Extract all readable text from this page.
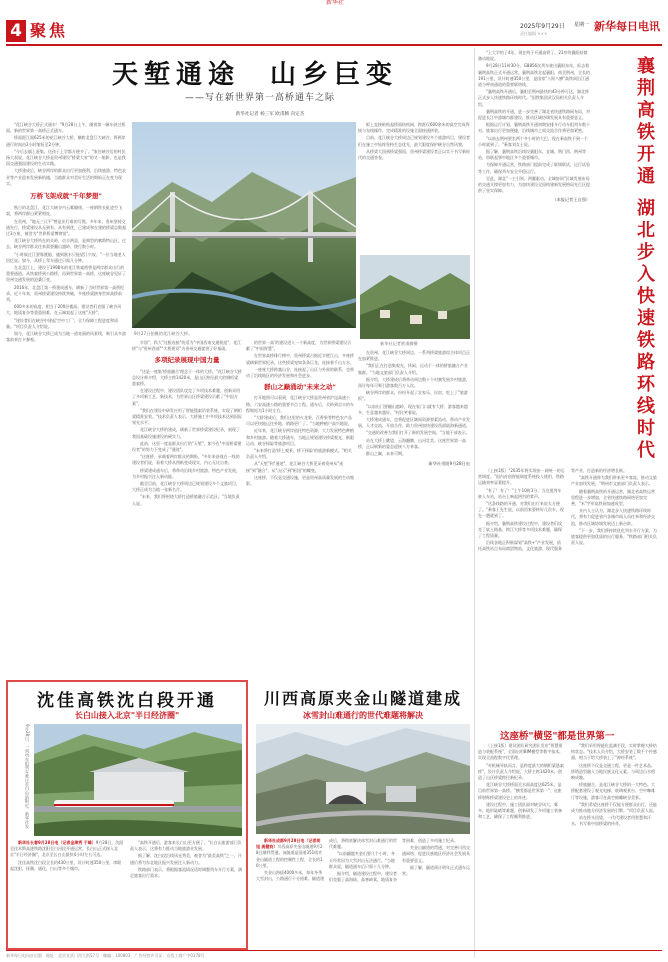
新华社
4 聚焦	2025年9月29日 星期一
责任编辑 ×××
新华每日电讯
天堑通途  山乡巨变
——写在新世界第一高桥通车之际
新华社记者 杨三军 欧甫腾 向定杰

"花江峡谷大桥正式通车！"9月28日上午，随着第一辆车驶过桥面，新的世界第一高桥正式通车。

桥面距江面625米的花江峡谷大桥，横跨北盘江大峡谷，将两岸通行时间由2小时缩短至2分钟。

"今后去镇上赶集、送孩子上学都方便多了。"家住峡谷边的村民杨大叔说。花江峡谷大桥是贵州建设"桥梁大省"的又一缩影，也是我国交通强国建设的生动实践。

大桥建成后，峡谷两岸的群众出行更加便利，沿线旅游、特色农业等产业迎来发展新机遇，当地群众对美好生活的期盼正在变为现实。

万桥飞架成就"千年梦想"

秋日的北盘江，花江大峡谷内云雾缭绕。一座钢铁长虹凌空飞架，将两岸群山紧紧相连。

在贵州，"地无三尺平"曾是出行难的写照。多年来，贵州坚持交通先行，桥梁建设从无到有、从有到优，已建成和在建的桥梁总数超过3万座，被誉为"世界桥梁博物馆"。

花江峡谷大桥所在的关岭、贞丰两县，是典型的喀斯特山区。过去，峡谷两岸群众往来需要翻山越岭、绕行数小时。

"小时候过江要靠渡船，遇到涨水只能望江兴叹。"一位当地老人回忆说。如今，从桥上驾车通过只需几分钟。

在北盘江上，建设于1998年的花江铁索桥曾是两岸群众出行的重要通道。从铁索桥到公路桥，再到世界第一高桥，这座峡谷见证了贵州交通发展的沧桑巨变。

2016年，北盘江第一桥建成通车，刷新了当时世界第一高桥纪录。近十年来，贵州桥梁建设持续突破，多座桥梁跻身世界高桥前列。

600多米的高度，相当于200层楼高。建设者们克服了峡谷风大、地质复杂等重重困难，在云端架起了这座"天桥"。

"建设者们在峡谷中建起'空中工厂'，全力保障工程进度和质量。"项目负责人介绍说。

如今，花江峡谷大桥已成为当地一道亮丽的风景线，吸引众多游客前来打卡参观。

牢固"，科大"这根连接"的适为"中国西南交通枢纽"，花江桥"与"贵州西部""大桥建设"为贵州交通提供了好基础。

多项纪录展现中国力量

"这是一座集'桥旅融合'理念于一体的大桥。"花江峡谷大桥总设计师介绍，大桥主跨1420米，是山区跨径最大的钢桁梁悬索桥。

在建设过程中，建设团队攻克了多项技术难题，创新采用了多项新工艺、新技术，为世界山区桥梁建设贡献了"中国方案"。

"我们在建设中研发应用了智能缆索吊装系统，实现了钢桁梁精准安装。"技术负责人表示，大桥施工中多项技术达到国际领先水平。

花江峡谷大桥的建成，刷新了世界桥梁建设纪录，展现了我国基础设施建设的硬实力。

此前，这里一度是群众出行的"天堑"，如今在"中国桥梁建设者"的努力下变成了"通途"。

"这座桥，承载着两岸群众的期盼。"多年来奋战在一线的建设者们说，看着大桥从图纸变成现实，内心无比自豪。

桥梁建成通车后，将带动沿线乡村旅游、特色产业发展，为乡村振兴注入新动能。

截至目前，花江峡谷大桥周边已规划建设多个文旅项目，大桥正成为当地一张新名片。

"未来，我们将围绕大桥打造桥旅融合示范区。"当地负责人说。

的世界一高'的建设进入一个新高度，为世界桥梁建设贡献了"中国智慧"。

在世界高桥排行榜中，贵州桥梁占据近半壁江山，多座桥梁刷新世界纪录。这些桥梁宛如条条巨龙，连接着千山万水。

一座座大桥跨越山谷，连接起了山区与外界的联系，也带动了沿线地区的经济发展和社会进步。

群山之巅涌动"未来之动"

打开地图可以看到，花江峡谷大桥是贵州省沪昆高速公路、六安高速公路的重要节点工程。通车后，关岭到贞丰的车程缩短为1小时左右。

"大桥建成后，我们这里的火龙果、百香果等特色农产品可以更快地运往外地，销路更广了。"当地种植户高兴地说。

近年来，花江峡谷两岸依托特色资源，大力发展特色种植和乡村旅游。随着大桥通车，当地正规划建设桥梁观光、极限运动、峡谷探险等旅游项目。

"未来将打造'桥上观景、桥下探险'的旅游新模式。"相关负责人介绍。

从"天堑"到"通途"，花江峡谷大桥见证着贵州从"连接"到"融合"，从"山区"到"枢纽"的蝶变。

这座桥，不仅是交通设施，更是贵州高质量发展的生动缩影。

9月27日拍摄的花江峡谷大桥。
新华社记者欧甫腾摄

板上直接粘贴起桥面结构网，跨距仅600余米的高空完成焊接与布线操作，完成精准的设施全面接通拼装。

目前，花江峡谷大桥周边已规划建设多个旅游项目，建设者们在施工中始终坚持生态优先，最大限度保护峡谷自然风貌。

从桥梁大国到桥梁强国，贵州桥梁建设者正以实干书写新时代的交通答卷。

在贵州，花江峡谷大桥周边，一系列桥梁旅游综合体项目正在加紧推进。

"我们正在打造集观光、休闲、运动于一体的桥旅融合产业集群。"当地文旅部门负责人介绍。

据介绍，大桥建成后将带动周边数十个村寨发展乡村旅游，预计每年可吸引游客数百万人次。

峡谷两岸的群众，纷纷开起了农家乐、民宿，吃上了"旅游饭"。

"以前出门要翻山越岭，现在家门口就有大桥，游客越来越多，生意越来越好。"村民笑着说。

大桥建成通车，也将促进区域间资源要素流动，带动产业发展、人才交流、开放合作，助力贵州加快建设西部陆海新通道。

"交通的改善为我们打开了新的发展空间。"当地干部表示。

站在大桥上眺望，云海翻腾，山河壮美。这座世界第一高桥，正以崭新的姿态迎接八方来客。

群山之巅，未来可期。

新华社贵阳9月28日电
襄荆高铁开通 湖北步入快速铁路环线时代

"上大学的了4年，现在终于开通高铁了，23岁的襄阳姑娘激动地说。

9月28日11时30分，G8856次列车驶出襄阳东站，标志着襄荆高铁正式开通运营。襄荆高铁北起襄阳，南至荆州，全长约191公里，设计时速350公里，是国家"八纵八横"高铁网沿江通道与呼南通道的重要联络线。

"襄荆高铁开通后，襄阳至荆州最快约43分钟可达，湖北将正式步入快速铁路环线时代。"国铁集团武汉局相关负责人介绍。

襄荆高铁的开通，进一步完善了湖北省快速铁路网布局，对促进长江中游城市群建设、推动区域协调发展具有重要意义。

根据运行计划，襄荆高铁开通初期安排开行动车组列车数十对。旅客出行更加便捷，沿线城市之间交流合作将更加紧密。

"以前去荆州要坐两个多小时的大巴，现在乘高铁不到一个小时就到了。"乘客刘女士说。

据了解，襄荆高铁沿线设襄阳东、宜城、荆门西、荆州等站，串联起鄂中地区多个重要城市。

为保障开通运营，铁路部门提前完成了联调联试、运行试验等工作，确保列车安全平稳运行。

至此，湖北"一主引领、两翼驱动、全域协同"区域发展布局的交通支撑更加有力，为加快建设全国构建新发展格局先行区提供了坚实保障。

（本报记者王自强）

（上接1版）"2035年将实现由一网统一的运营调度。"国内首创智能调度系统投入使用，铁路运输效率显著提升。

"有了！有了！"上午10时3分，当这批列车驶入车站，站台上响起热烈的掌声。

"这条线路的开通，对我们出行来说太方便了。"乘客王先生说，以前回家要转好几次车，现在一趟就到了。

据介绍，襄荆高铁建设过程中，建设者们攻克了软土路基、跨江大桥等多项技术难题，确保了工程质量。

沿线各地正积极谋划"高铁+"产业发展，依托高铁站点布局商贸物流、文化旅游、现代服务等产业，打造新的经济增长极。

"高铁开通将为我们带来更多客流，推动文旅产业加快发展。"荆州市文旅部门负责人表示。

随着襄荆高铁的开通运营，湖北省高铁运营里程进一步增加，全省快速铁路网络更加完善，"米"字形高铁网加速成型。

业内人士认为，湖北步入快速铁路环线时代，将有力促进省内各城市间人员往来和经济交流，推动区域协调发展迈上新台阶。

"下一步，我们将持续优化列车开行方案，为旅客提供更加优质的出行服务。"铁路部门相关负责人说。

这座桥"横竖"都是世界第一

（上接1版）建设团队研究团队发布"智慧建造与装配系统"，全面启用BIM模型等数字技术，实现全流程数字化管理。

"对机械导轨而言，是跨度最大的钢桁梁悬索桥"，设计负责人介绍说。大桥主跨1420米，创造了山区桥梁跨径新纪录。

花江峡谷大桥桥面至水面高度达625米，是目前世界第一高桥。"横竖都是世界第一"，这座桥堪称桥梁建设史上的奇迹。

建设过程中，施工团队面对峡谷风大、雾多、地形陡峭等难题，创新研发了多项施工装备和工艺，确保了工程顺利推进。

"我们采用智能化监测手段，实时掌握大桥结构状态。"技术人员介绍，大桥安装了数千个传感器，相当于给大桥装上了"神经系统"。

这座桥不仅是交通工程，更是一件艺术品。桥塔造型融入当地民族文化元素，与周边山水相映成趣。

桥旅融合，是花江峡谷大桥的一大特色。大桥配套建设了观光电梯、玻璃观景台、空中咖啡厅等设施，游客可在高空俯瞰峡谷美景。

"我们希望这座桥不仅能方便群众出行，还能成为推动地方经济发展的引擎。"项目负责人说。

站在桥头回望，一代代建设者用智慧和汗水，书写着中国桥梁的传奇。

沈佳高铁沈白段开通
长白山接入北京"半日经济圈"
9月28日，一列动车组列车驶过长白山站附近。新华社发

新华社长春9月28日电（记者金津秀 于峰）9月28日，沈阳至佳木斯高速铁路沈阳至白河段开通运营。长白山正式接入北京"半日经济圈"，北京至长白山最快4小时左右可达。

沈佳高铁沈白段全长约430公里，设计时速350公里，串联起沈阳、抚顺、通化、白山等多个城市。

"高铁开通后，游客来长白山更方便了。"长白山旅游部门负责人表示，这将有力推动当地旅游业发展。

据了解，沈白段沿线风光秀美，被誉为"最美高铁"之一，开通后将为东北地区振兴发展注入新动力。

铁路部门表示，将根据客流情况适时调整列车开行方案，满足旅客出行需求。

川西高原夹金山隧道建成
冰雪封山难通行的世代难题将解决

新华社成都9月28日电（记者胡旭 高健钧）川西高原夹金山隧道9月28日顺利贯通。该隧道是国道351线夹金山隧道工程的控制性工程，全长约10公里。

夹金山海拔4000多米，每年冬季大雪封山，公路通行十分困难。隧道建成后，将彻底解决冰雪封山难通行的世代难题。

"以前翻越夹金山要几个小时，冬天经常因为大雪封山无法通行。"当地群众说，隧道通车后只需十几分钟。

据介绍，隧道建设过程中，建设者们克服了高海拔、高寒缺氧、地质复杂等困难，创造了多项施工纪录。

夹金山隧道的贯通，对完善川西交通网络、促进民族地区经济社会发展具有重要意义。

据了解，隧道预计明年正式通车运营。

新华每日电讯社出版　地址：北京宣武门西大街57号　邮编：100803　广告经营许可证：京西工商广字0178号
